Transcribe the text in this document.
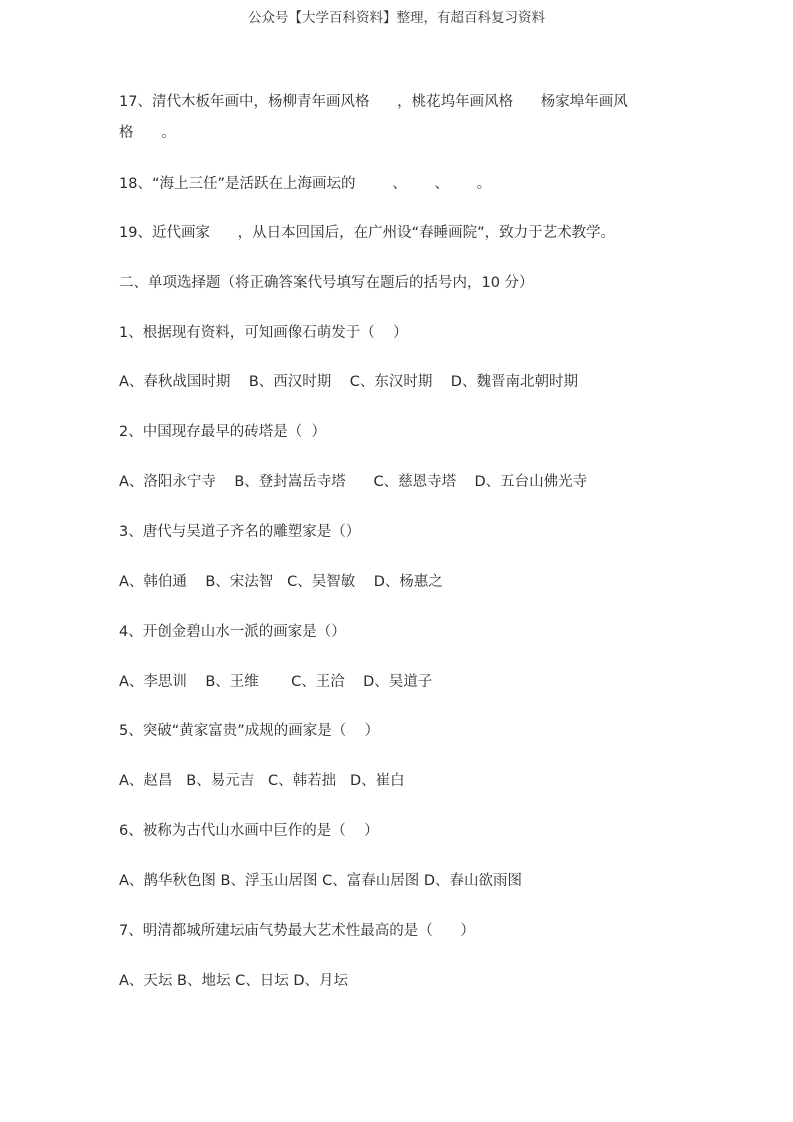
公众号【大学百科资料】整理，有超百科复习资料
17、清代木板年画中，杨柳青年画风格      ，桃花坞年画风格      杨家埠年画风
格      。
18、“海上三任”是活跃在上海画坛的        、      、      。
19、近代画家      ，从日本回国后，在广州设“春睡画院”，致力于艺术教学。
二、单项选择题（将正确答案代号填写在题后的括号内，10 分）
1、根据现有资料，可知画像石萌发于（    ）
A、春秋战国时期    B、西汉时期    C、东汉时期    D、魏晋南北朝时期
2、中国现存最早的砖塔是（  ）
A、洛阳永宁寺    B、登封嵩岳寺塔      C、慈恩寺塔    D、五台山佛光寺
3、唐代与吴道子齐名的雕塑家是（）
A、韩伯通    B、宋法智   C、吴智敏    D、杨惠之
4、开创金碧山水一派的画家是（）
A、李思训    B、王维       C、王洽    D、吴道子
5、突破“黄家富贵”成规的画家是（    ）
A、赵昌   B、易元吉   C、韩若拙   D、崔白
6、被称为古代山水画中巨作的是（    ）
A、鹊华秋色图 B、浮玉山居图 C、富春山居图 D、春山欲雨图
7、明清都城所建坛庙气势最大艺术性最高的是（      ）
A、天坛 B、地坛 C、日坛 D、月坛
